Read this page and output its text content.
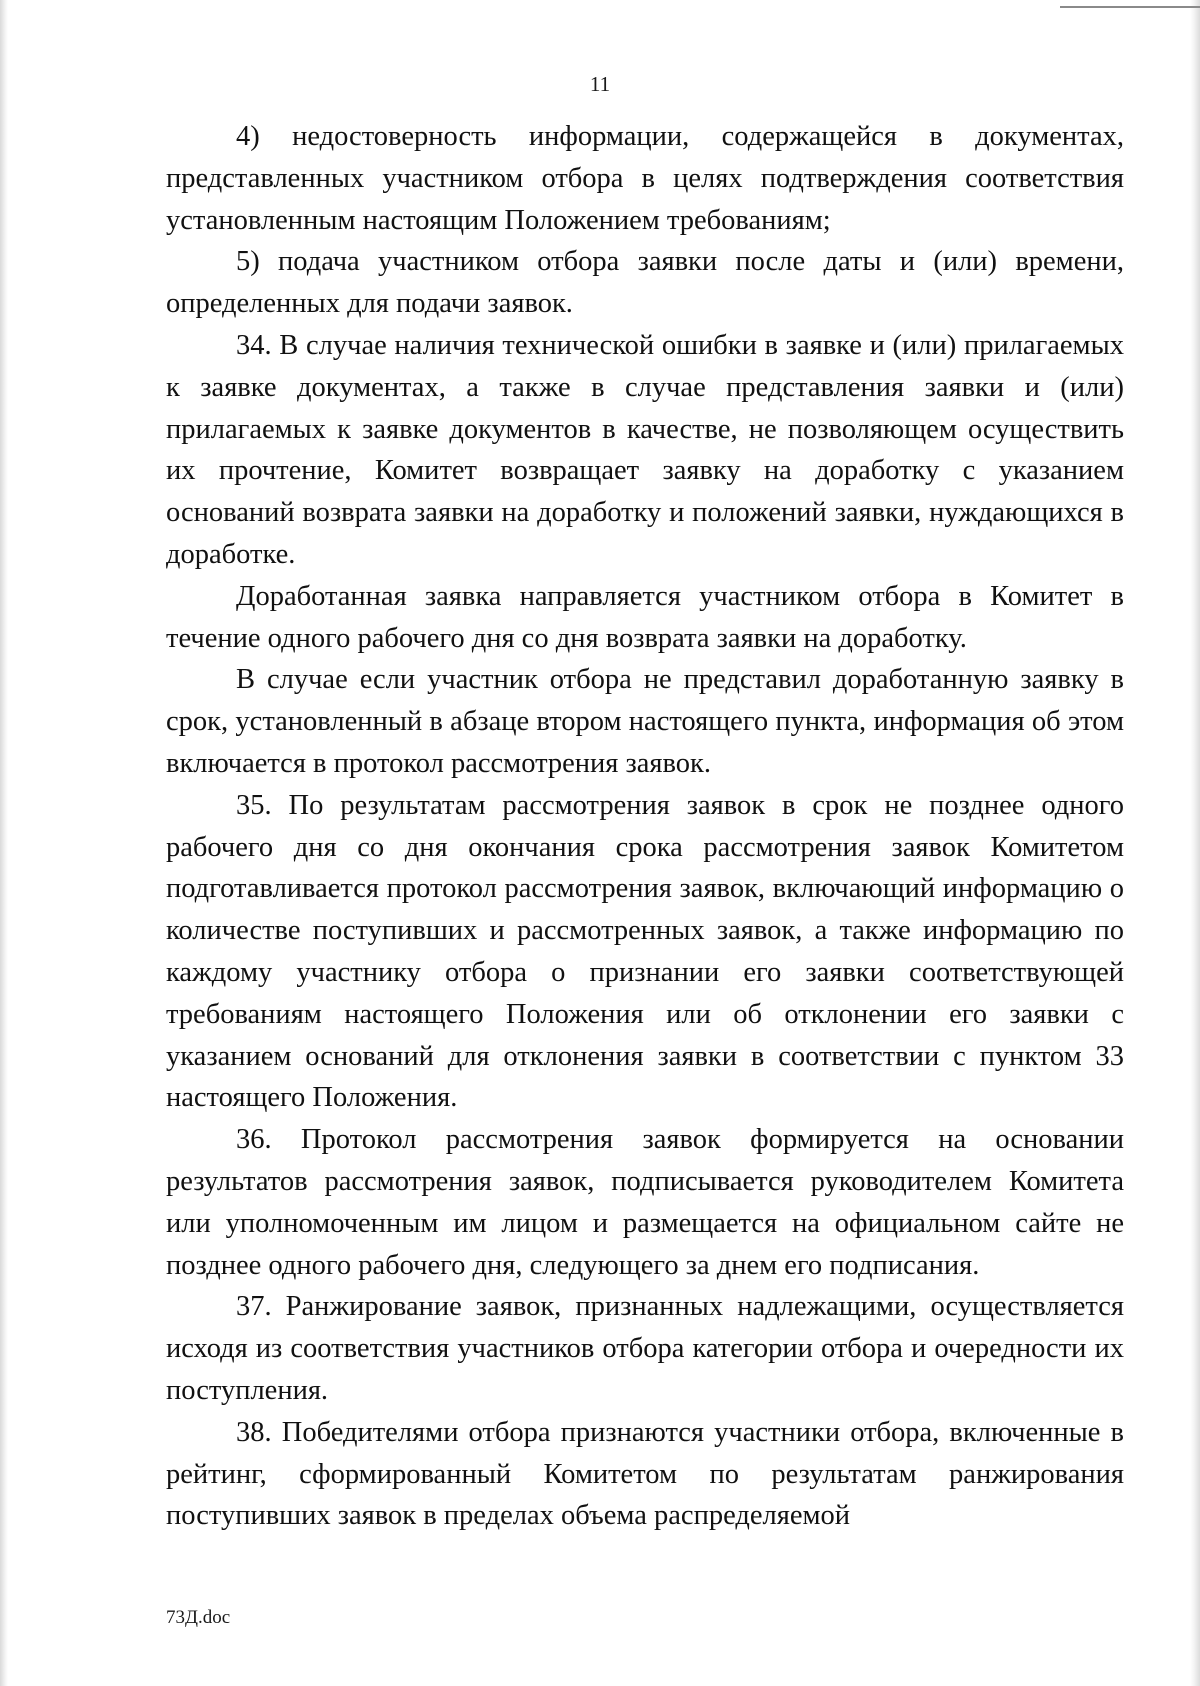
11

4) недостоверность информации, содержащейся в документах, представленных участником отбора в целях подтверждения соответствия установленным настоящим Положением требованиям;

5) подача участником отбора заявки после даты и (или) времени, определенных для подачи заявок.

34. В случае наличия технической ошибки в заявке и (или) прилагаемых к заявке документах, а также в случае представления заявки и (или) прилагаемых к заявке документов в качестве, не позволяющем осуществить их прочтение, Комитет возвращает заявку на доработку с указанием оснований возврата заявки на доработку и положений заявки, нуждающихся в доработке.

Доработанная заявка направляется участником отбора в Комитет в течение одного рабочего дня со дня возврата заявки на доработку.

В случае если участник отбора не представил доработанную заявку в срок, установленный в абзаце втором настоящего пункта, информация об этом включается в протокол рассмотрения заявок.

35. По результатам рассмотрения заявок в срок не позднее одного рабочего дня со дня окончания срока рассмотрения заявок Комитетом подготавливается протокол рассмотрения заявок, включающий информацию о количестве поступивших и рассмотренных заявок, а также информацию по каждому участнику отбора о признании его заявки соответствующей требованиям настоящего Положения или об отклонении его заявки с указанием оснований для отклонения заявки в соответствии с пунктом 33 настоящего Положения.

36. Протокол рассмотрения заявок формируется на основании результатов рассмотрения заявок, подписывается руководителем Комитета или уполномоченным им лицом и размещается на официальном сайте не позднее одного рабочего дня, следующего за днем его подписания.

37. Ранжирование заявок, признанных надлежащими, осуществляется исходя из соответствия участников отбора категории отбора и очередности их поступления.

38. Победителями отбора признаются участники отбора, включенные в рейтинг, сформированный Комитетом по результатам ранжирования поступивших заявок в пределах объема распределяемой

73Д.doc
